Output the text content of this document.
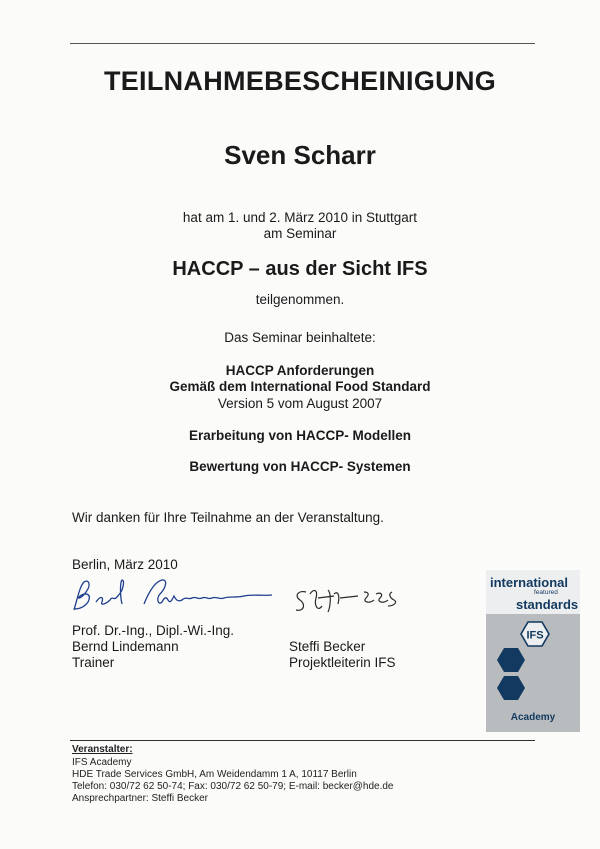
TEILNAHMEBESCHEINIGUNG
Sven Scharr
hat am 1. und 2. März 2010 in Stuttgart
am Seminar
HACCP – aus der Sicht IFS
teilgenommen.
Das Seminar beinhaltete:
HACCP Anforderungen
Gemäß dem International Food Standard
Version 5 vom August 2007
Erarbeitung von HACCP- Modellen
Bewertung von HACCP- Systemen
Wir danken für Ihre Teilnahme an der Veranstaltung.
Berlin, März 2010
Prof. Dr.-Ing., Dipl.-Wi.-Ing.
Bernd Lindemann
Trainer
Steffi Becker
Projektleiterin IFS
international
featured
standards
IFS
Academy
Veranstalter:
IFS Academy
HDE Trade Services GmbH, Am Weidendamm 1 A, 10117 Berlin
Telefon: 030/72 62 50-74; Fax: 030/72 62 50-79; E-mail: becker@hde.de
Ansprechpartner: Steffi Becker
